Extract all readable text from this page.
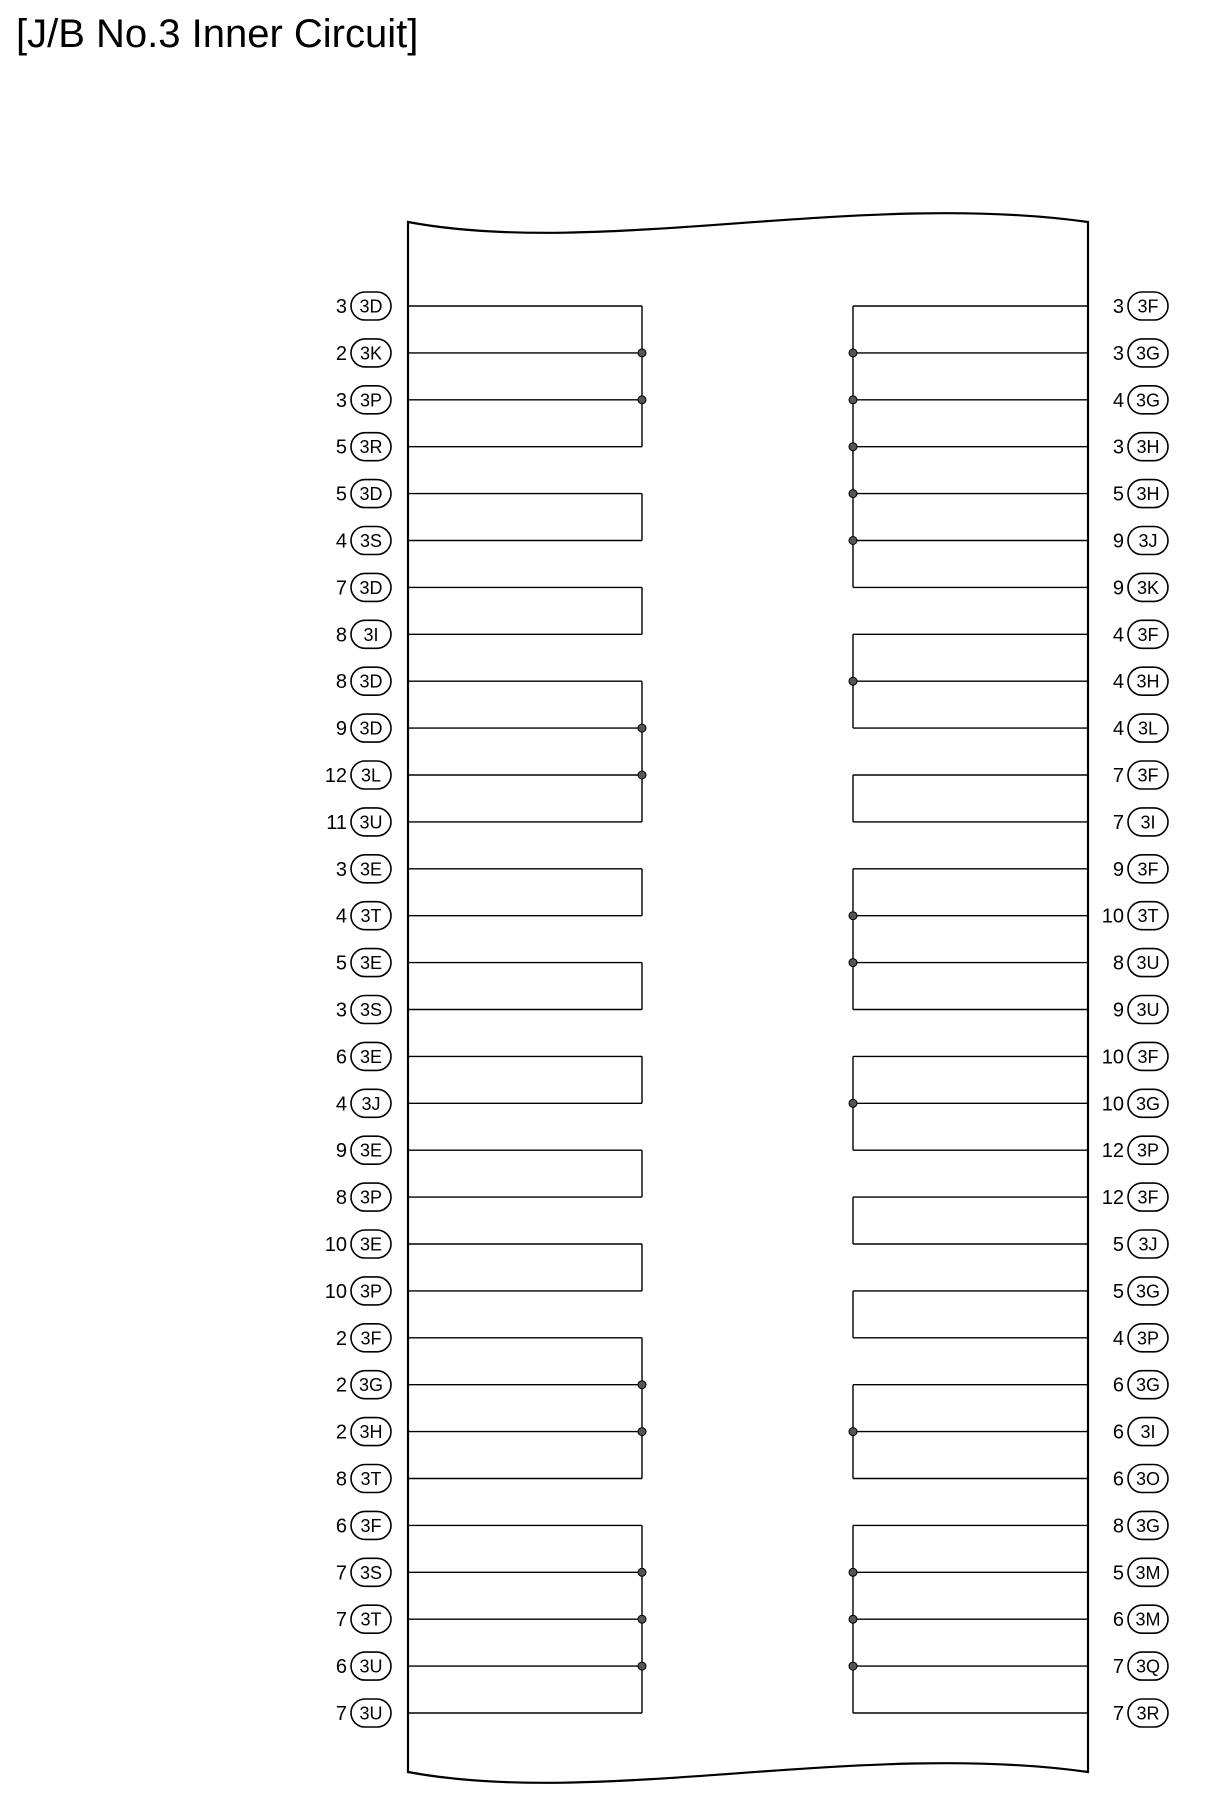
[J/B No.3 Inner Circuit]
3D
3
3K
2
3P
3
3R
5
3D
5
3S
4
3D
7
3I
8
3D
8
3D
9
3L
12
3U
11
3E
3
3T
4
3E
5
3S
3
3E
6
3J
4
3E
9
3P
8
3E
10
3P
10
3F
2
3G
2
3H
2
3T
8
3F
6
3S
7
3T
7
3U
6
3U
7
3F
3
3G
3
3G
4
3H
3
3H
5
3J
9
3K
9
3F
4
3H
4
3L
4
3F
7
3I
7
3F
9
3T
10
3U
8
3U
9
3F
10
3G
10
3P
12
3F
12
3J
5
3G
5
3P
4
3G
6
3I
6
3O
6
3G
8
3M
5
3M
6
3Q
7
3R
7
